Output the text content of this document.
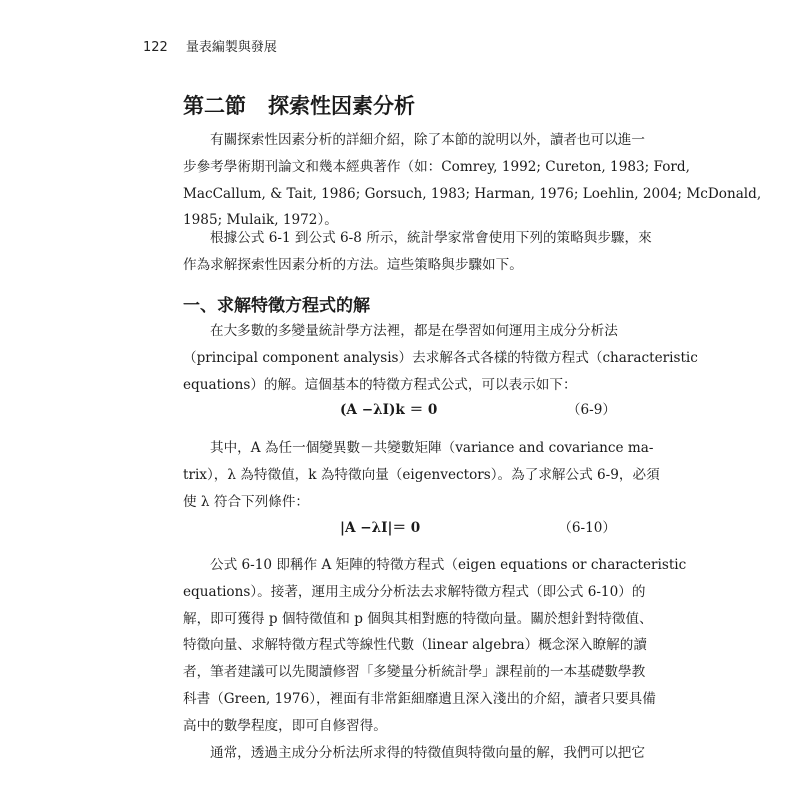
122 量表編製與發展
第二節 探索性因素分析
有關探索性因素分析的詳細介紹，除了本節的說明以外，讀者也可以進一
步參考學術期刊論文和幾本經典著作（如：Comrey, 1992; Cureton, 1983; Ford,
MacCallum, & Tait, 1986; Gorsuch, 1983; Harman, 1976; Loehlin, 2004; McDonald,
1985; Mulaik, 1972）。
根據公式 6-1 到公式 6-8 所示，統計學家常會使用下列的策略與步驟，來
作為求解探索性因素分析的方法。這些策略與步驟如下。
一、求解特徵方程式的解
在大多數的多變量統計學方法裡，都是在學習如何運用主成分分析法
（principal component analysis）去求解各式各樣的特徵方程式（characteristic
equations）的解。這個基本的特徵方程式公式，可以表示如下：
(A −λI)k ＝ 0	（6-9）
其中，A 為任一個變異數－共變數矩陣（variance and covariance ma-
trix），λ 為特徵值，k 為特徵向量（eigenvectors）。為了求解公式 6-9，必須
使 λ 符合下列條件：
|A −λI|＝ 0	（6-10）
公式 6-10 即稱作 A 矩陣的特徵方程式（eigen equations or characteristic
equations）。接著，運用主成分分析法去求解特徵方程式（即公式 6-10）的
解，即可獲得 p 個特徵值和 p 個與其相對應的特徵向量。關於想針對特徵值、
特徵向量、求解特徵方程式等線性代數（linear algebra）概念深入瞭解的讀
者，筆者建議可以先閱讀修習「多變量分析統計學」課程前的一本基礎數學教
科書（Green, 1976），裡面有非常鉅細靡遺且深入淺出的介紹，讀者只要具備
高中的數學程度，即可自修習得。
通常，透過主成分分析法所求得的特徵值與特徵向量的解，我們可以把它
